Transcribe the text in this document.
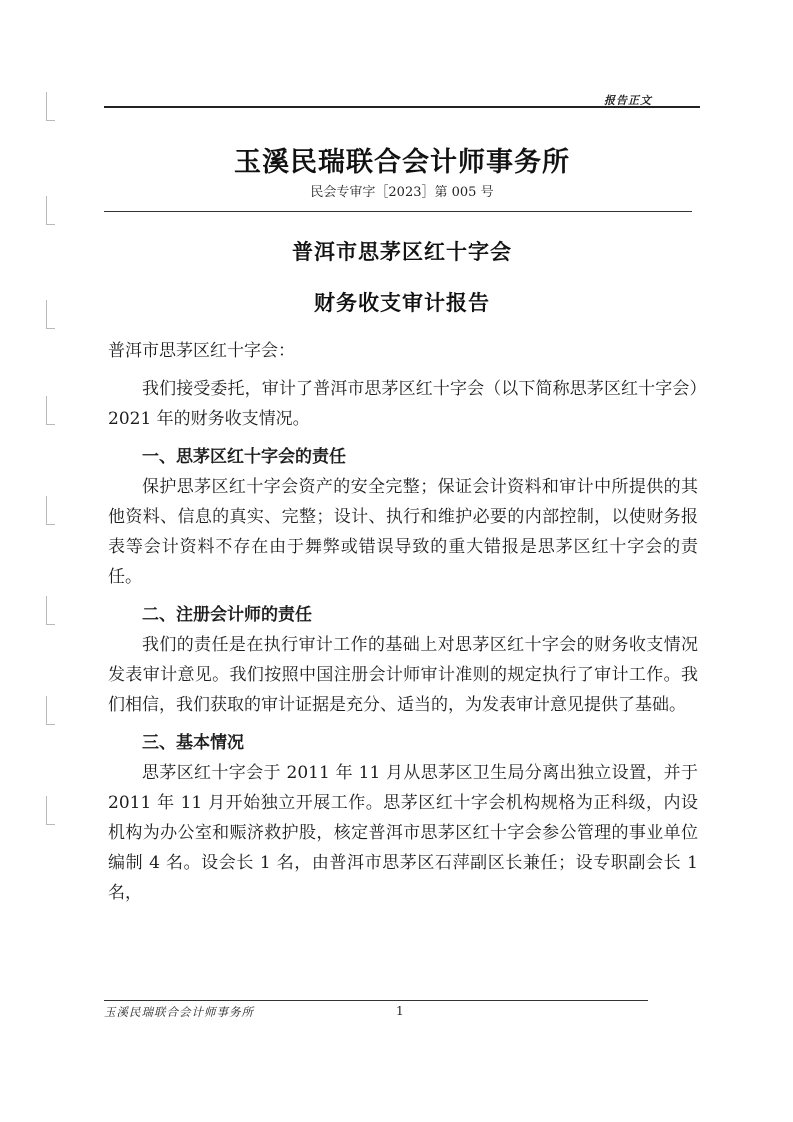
报告正文
玉溪民瑞联合会计师事务所
民会专审字［2023］第 005 号
普洱市思茅区红十字会
财务收支审计报告

普洱市思茅区红十字会：

我们接受委托，审计了普洱市思茅区红十字会（以下简称思茅区红十字会）2021 年的财务收支情况。

一、思茅区红十字会的责任

保护思茅区红十字会资产的安全完整；保证会计资料和审计中所提供的其他资料、信息的真实、完整；设计、执行和维护必要的内部控制，以使财务报表等会计资料不存在由于舞弊或错误导致的重大错报是思茅区红十字会的责任。

二、注册会计师的责任

我们的责任是在执行审计工作的基础上对思茅区红十字会的财务收支情况发表审计意见。我们按照中国注册会计师审计准则的规定执行了审计工作。我们相信，我们获取的审计证据是充分、适当的，为发表审计意见提供了基础。

三、基本情况

思茅区红十字会于 2011 年 11 月从思茅区卫生局分离出独立设置，并于 2011 年 11 月开始独立开展工作。思茅区红十字会机构规格为正科级，内设机构为办公室和赈济救护股，核定普洱市思茅区红十字会参公管理的事业单位编制 4 名。设会长 1 名，由普洱市思茅区石萍副区长兼任；设专职副会长 1 名，

玉溪民瑞联合会计师事务所	1
